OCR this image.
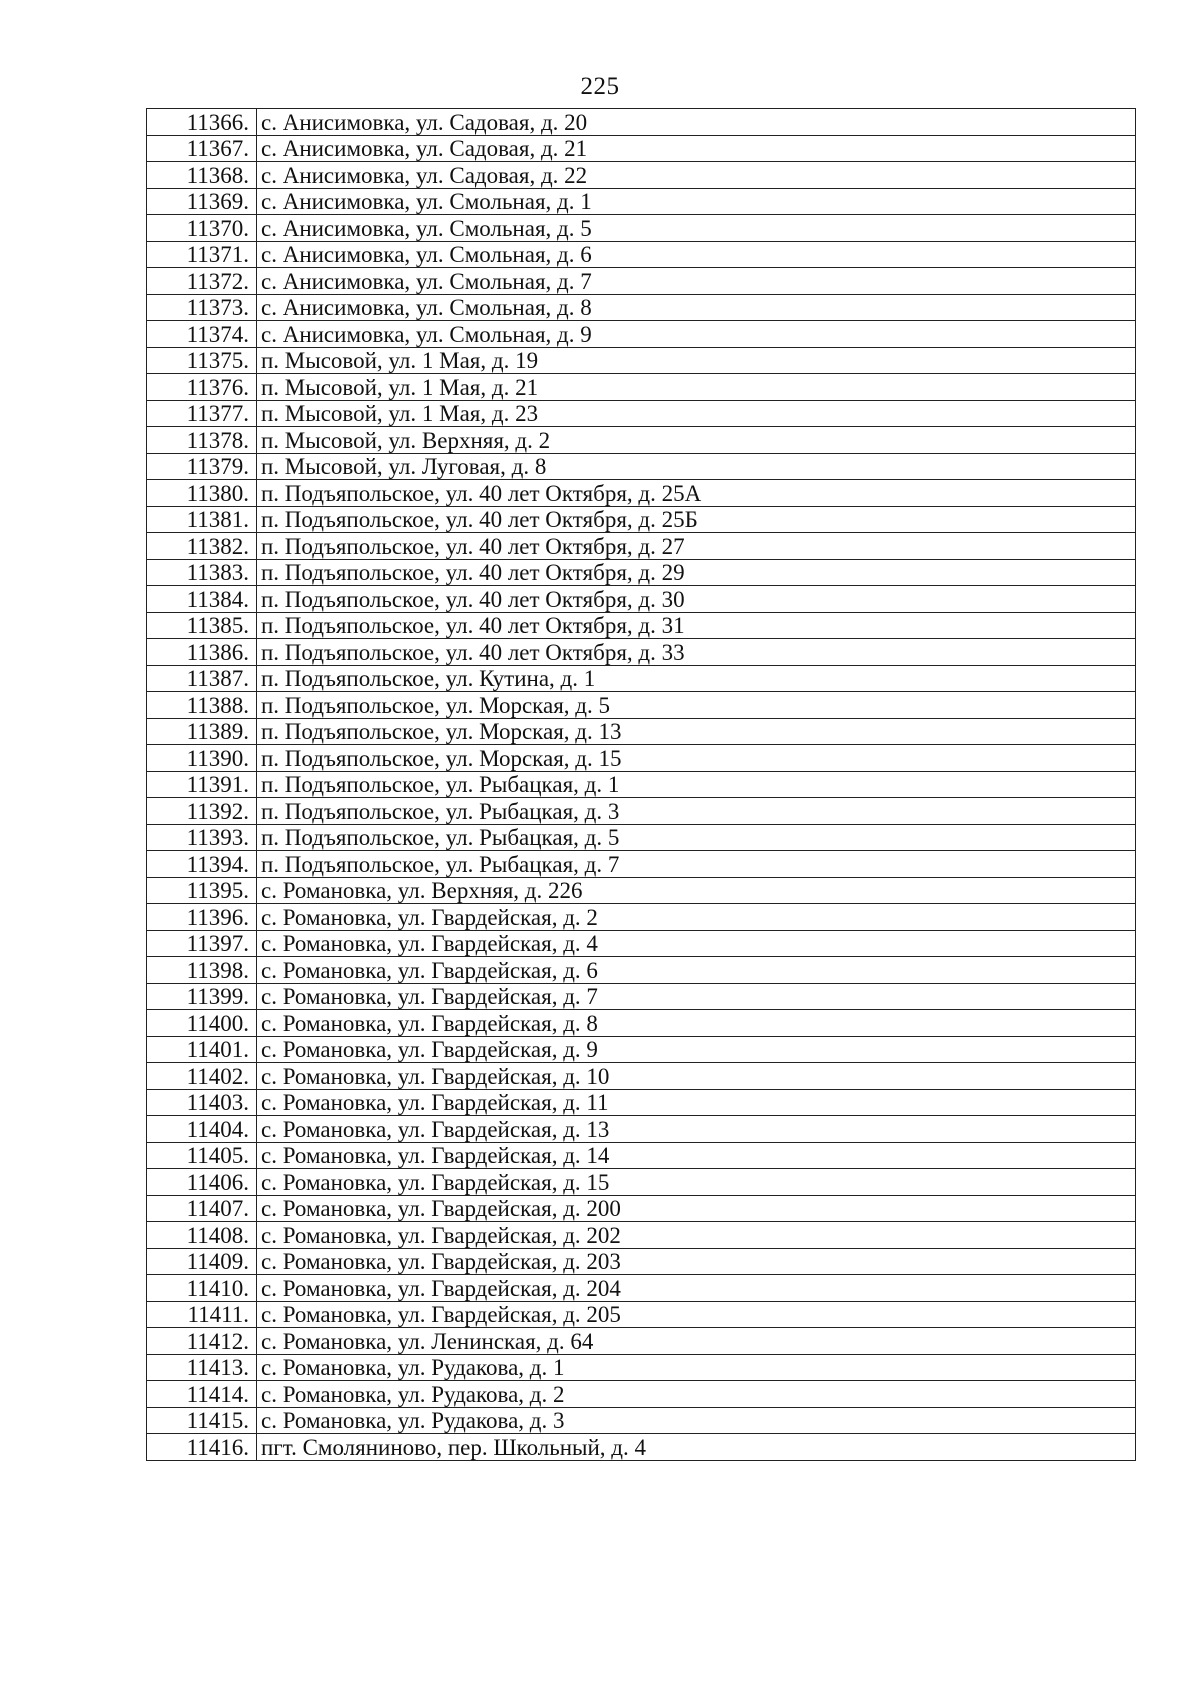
225
11366.	с. Анисимовка, ул. Садовая, д. 20
11367.	с. Анисимовка, ул. Садовая, д. 21
11368.	с. Анисимовка, ул. Садовая, д. 22
11369.	с. Анисимовка, ул. Смольная, д. 1
11370.	с. Анисимовка, ул. Смольная, д. 5
11371.	с. Анисимовка, ул. Смольная, д. 6
11372.	с. Анисимовка, ул. Смольная, д. 7
11373.	с. Анисимовка, ул. Смольная, д. 8
11374.	с. Анисимовка, ул. Смольная, д. 9
11375.	п. Мысовой, ул. 1 Мая, д. 19
11376.	п. Мысовой, ул. 1 Мая, д. 21
11377.	п. Мысовой, ул. 1 Мая, д. 23
11378.	п. Мысовой, ул. Верхняя, д. 2
11379.	п. Мысовой, ул. Луговая, д. 8
11380.	п. Подъяпольское, ул. 40 лет Октября, д. 25А
11381.	п. Подъяпольское, ул. 40 лет Октября, д. 25Б
11382.	п. Подъяпольское, ул. 40 лет Октября, д. 27
11383.	п. Подъяпольское, ул. 40 лет Октября, д. 29
11384.	п. Подъяпольское, ул. 40 лет Октября, д. 30
11385.	п. Подъяпольское, ул. 40 лет Октября, д. 31
11386.	п. Подъяпольское, ул. 40 лет Октября, д. 33
11387.	п. Подъяпольское, ул. Кутина, д. 1
11388.	п. Подъяпольское, ул. Морская, д. 5
11389.	п. Подъяпольское, ул. Морская, д. 13
11390.	п. Подъяпольское, ул. Морская, д. 15
11391.	п. Подъяпольское, ул. Рыбацкая, д. 1
11392.	п. Подъяпольское, ул. Рыбацкая, д. 3
11393.	п. Подъяпольское, ул. Рыбацкая, д. 5
11394.	п. Подъяпольское, ул. Рыбацкая, д. 7
11395.	с. Романовка, ул. Верхняя, д. 226
11396.	с. Романовка, ул. Гвардейская, д. 2
11397.	с. Романовка, ул. Гвардейская, д. 4
11398.	с. Романовка, ул. Гвардейская, д. 6
11399.	с. Романовка, ул. Гвардейская, д. 7
11400.	с. Романовка, ул. Гвардейская, д. 8
11401.	с. Романовка, ул. Гвардейская, д. 9
11402.	с. Романовка, ул. Гвардейская, д. 10
11403.	с. Романовка, ул. Гвардейская, д. 11
11404.	с. Романовка, ул. Гвардейская, д. 13
11405.	с. Романовка, ул. Гвардейская, д. 14
11406.	с. Романовка, ул. Гвардейская, д. 15
11407.	с. Романовка, ул. Гвардейская, д. 200
11408.	с. Романовка, ул. Гвардейская, д. 202
11409.	с. Романовка, ул. Гвардейская, д. 203
11410.	с. Романовка, ул. Гвардейская, д. 204
11411.	с. Романовка, ул. Гвардейская, д. 205
11412.	с. Романовка, ул. Ленинская, д. 64
11413.	с. Романовка, ул. Рудакова, д. 1
11414.	с. Романовка, ул. Рудакова, д. 2
11415.	с. Романовка, ул. Рудакова, д. 3
11416.	пгт. Смоляниново, пер. Школьный, д. 4
